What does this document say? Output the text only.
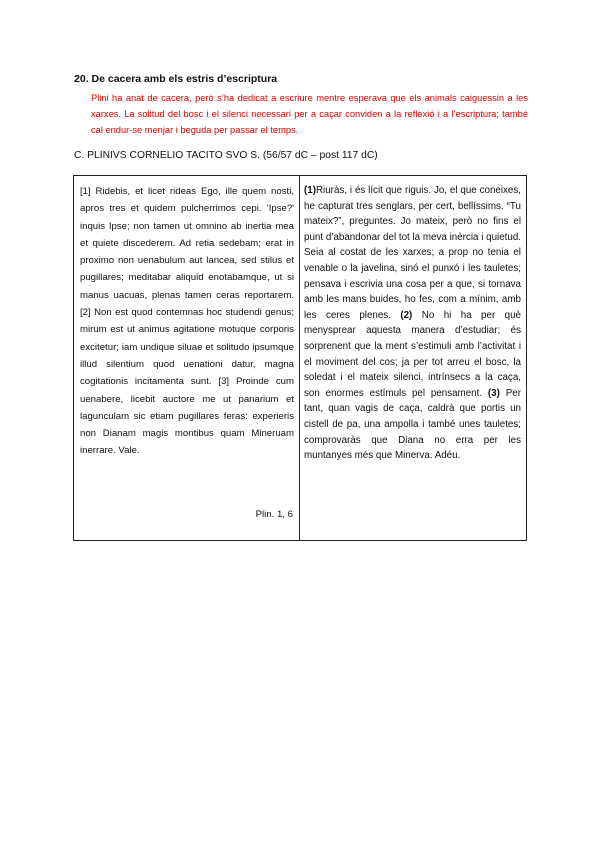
20. De cacera amb els estris d’escriptura
Plini ha anat de cacera, però s’ha dedicat a escriure mentre esperava que els animals caiguessin a les xarxes. La solitud del bosc i el silenci necessari per a caçar conviden a la reflexió i a l’escriptura; també cal endur-se menjar i beguda per passar el temps.
C. PLINIVS CORNELIO TACITO SVO S. (56/57 dC – post 117 dC)

[1] Ridebis, et licet rideas Ego, ille quem nosti, apros tres et quidem pulcherrimos cepi. 'Ipse?' inquis Ipse; non tamen ut omnino ab inertia mea et quiete discederem. Ad retia sedebam; erat in proximo non uenabulum aut lancea, sed stilus et pugillares; meditabar aliquid enotabamque, ut si manus uacuas, plenas tamen ceras reportarem. [2] Non est quod contemnas hoc studendi genus; mirum est ut animus agitatione motuque corporis excitetur; iam undique siluae et solitudo ipsumque illud silentium quod uenationi datur, magna cogitationis incitamenta sunt. [3] Proinde cum uenabere, licebit auctore me ut panarium et lagunculam sic etiam pugillares feras: experieris non Dianam magis montibus quam Mineruam inerrare. Vale.

Plin. 1, 6

(1)Riuràs, i és lícit que riguis. Jo, el que coneixes, he capturat tres senglars, per cert, bellíssims. “Tu mateix?”, preguntes. Jo mateix, però no fins el punt d’abandonar del tot la meva inèrcia i quietud. Seia al costat de les xarxes; a prop no tenia el venable o la javelina, sinó el punxó i les tauletes; pensava i escrivia una cosa per a que, si tornava amb les mans buides, ho fes, com a mínim, amb les ceres plenes. (2) No hi ha per què menysprear aquesta manera d’estudiar; és sorprenent que la ment s’estimuli amb l’activitat i el moviment del cos; ja per tot arreu el bosc, la soledat i el mateix silenci, intrínsecs a la caça, son enormes estímuls pel pensament. (3) Per tant, quan vagis de caça, caldrà que portis un cistell de pa, una ampolla i també unes tauletes; comprovaràs que Diana no erra per les muntanyes més que Minerva. Adéu.
